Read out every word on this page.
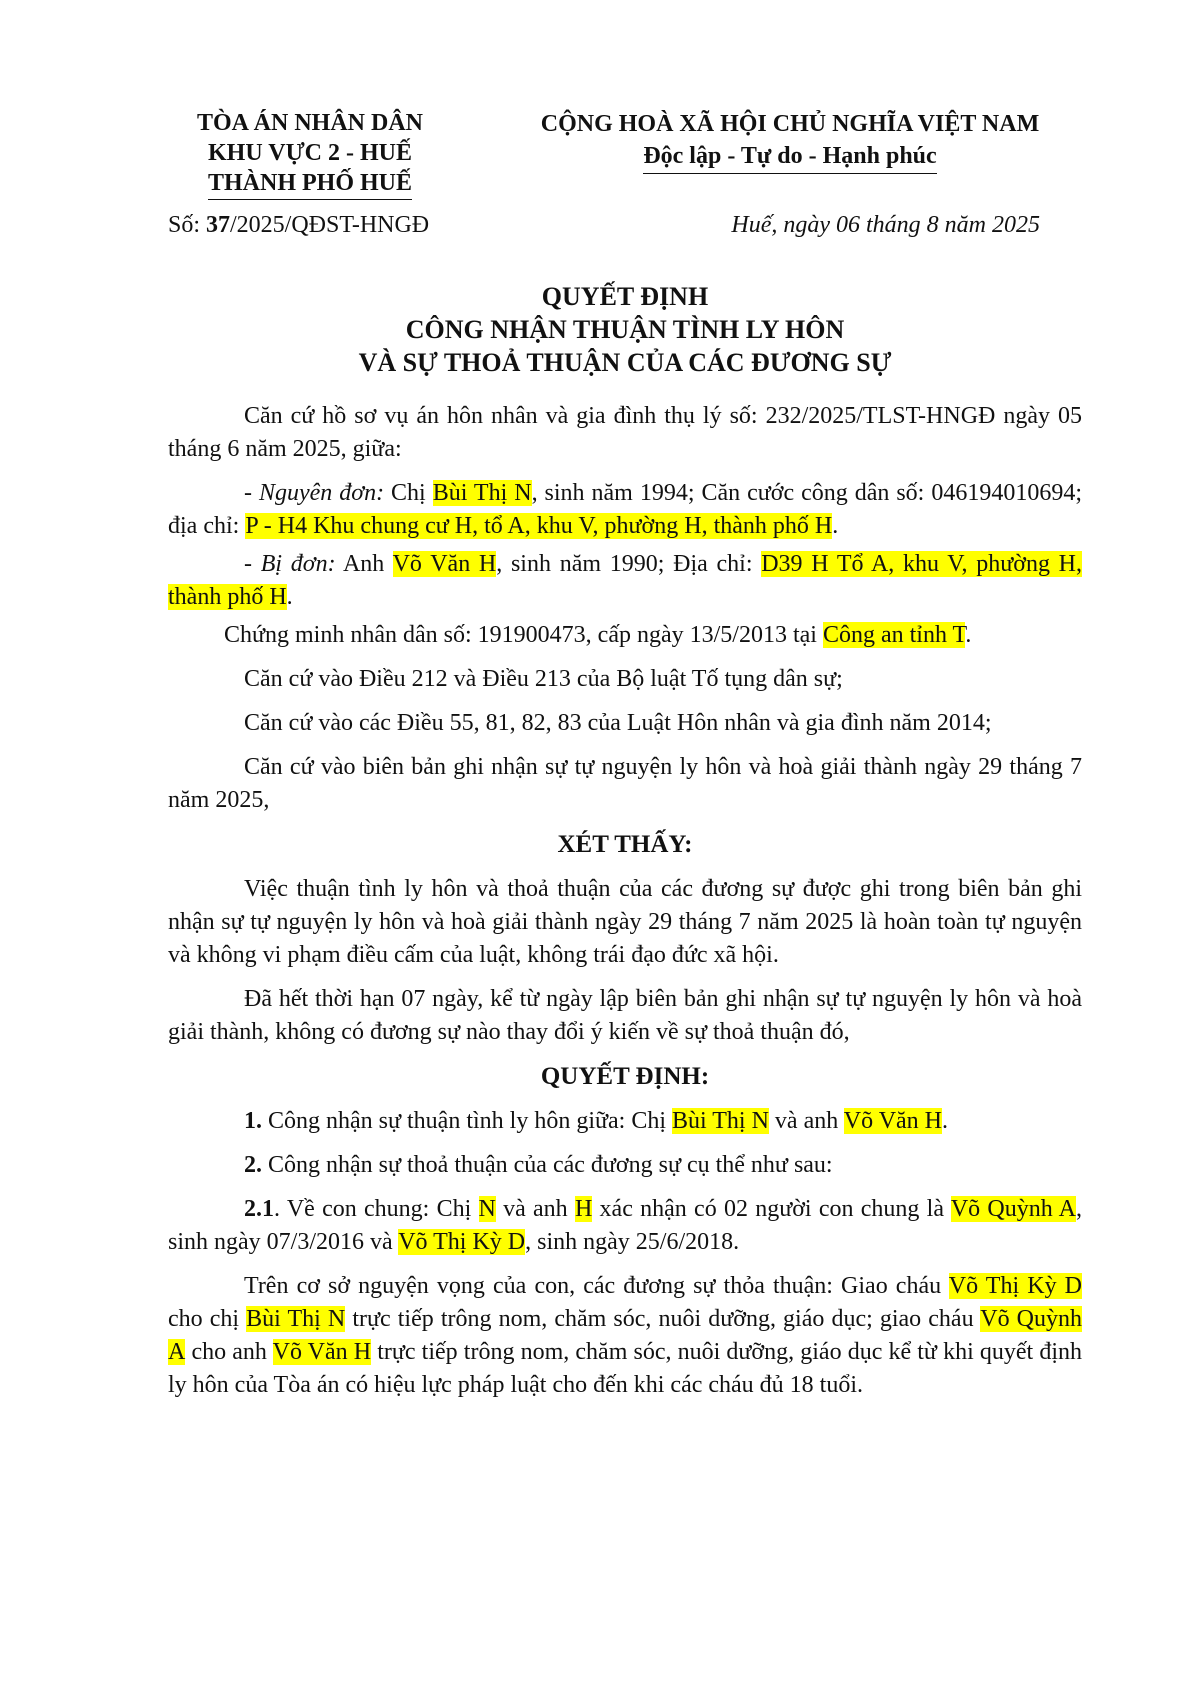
TÒA ÁN NHÂN DÂN
KHU VỰC 2 - HUẾ
THÀNH PHỐ HUẾ
CỘNG HOÀ XÃ HỘI CHỦ NGHĨA VIỆT NAM
Độc lập - Tự do - Hạnh phúc
Số: 37/2025/QĐST-HNGĐ	Huế, ngày 06 tháng 8 năm 2025
QUYẾT ĐỊNH
CÔNG NHẬN THUẬN TÌNH LY HÔN
VÀ SỰ THOẢ THUẬN CỦA CÁC ĐƯƠNG SỰ

Căn cứ hồ sơ vụ án hôn nhân và gia đình thụ lý số: 232/2025/TLST-HNGĐ ngày 05 tháng 6 năm 2025, giữa:

- Nguyên đơn: Chị Bùi Thị N, sinh năm 1994; Căn cước công dân số: 046194010694; địa chỉ: P - H4 Khu chung cư H, tổ A, khu V, phường H, thành phố H.

- Bị đơn: Anh Võ Văn H, sinh năm 1990; Địa chỉ: D39 H Tổ A, khu V, phường H, thành phố H.

Chứng minh nhân dân số: 191900473, cấp ngày 13/5/2013 tại Công an tỉnh T.

Căn cứ vào Điều 212 và Điều 213 của Bộ luật Tố tụng dân sự;

Căn cứ vào các Điều 55, 81, 82, 83 của Luật Hôn nhân và gia đình năm 2014;

Căn cứ vào biên bản ghi nhận sự tự nguyện ly hôn và hoà giải thành ngày 29 tháng 7 năm 2025,

XÉT THẤY:

Việc thuận tình ly hôn và thoả thuận của các đương sự được ghi trong biên bản ghi nhận sự tự nguyện ly hôn và hoà giải thành ngày 29 tháng 7 năm 2025 là hoàn toàn tự nguyện và không vi phạm điều cấm của luật, không trái đạo đức xã hội.

Đã hết thời hạn 07 ngày, kể từ ngày lập biên bản ghi nhận sự tự nguyện ly hôn và hoà giải thành, không có đương sự nào thay đổi ý kiến về sự thoả thuận đó,

QUYẾT ĐỊNH:

1. Công nhận sự thuận tình ly hôn giữa: Chị Bùi Thị N và anh Võ Văn H.

2. Công nhận sự thoả thuận của các đương sự cụ thể như sau:

2.1. Về con chung: Chị N và anh H xác nhận có 02 người con chung là Võ Quỳnh A, sinh ngày 07/3/2016 và Võ Thị Kỳ D, sinh ngày 25/6/2018.

Trên cơ sở nguyện vọng của con, các đương sự thỏa thuận: Giao cháu Võ Thị Kỳ D cho chị Bùi Thị N trực tiếp trông nom, chăm sóc, nuôi dưỡng, giáo dục; giao cháu Võ Quỳnh A cho anh Võ Văn H trực tiếp trông nom, chăm sóc, nuôi dưỡng, giáo dục kể từ khi quyết định ly hôn của Tòa án có hiệu lực pháp luật cho đến khi các cháu đủ 18 tuổi.
